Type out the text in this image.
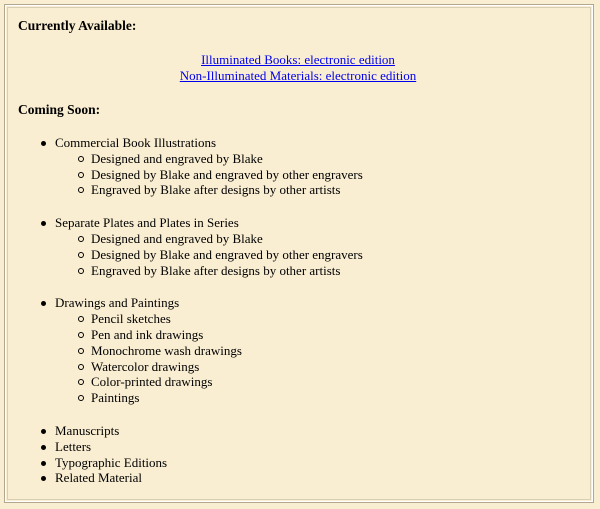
Currently Available:
Illuminated Books: electronic edition
Non-Illuminated Materials: electronic edition
Coming Soon:
Commercial Book Illustrations
Designed and engraved by Blake
Designed by Blake and engraved by other engravers
Engraved by Blake after designs by other artists
Separate Plates and Plates in Series
Designed and engraved by Blake
Designed by Blake and engraved by other engravers
Engraved by Blake after designs by other artists
Drawings and Paintings
Pencil sketches
Pen and ink drawings
Monochrome wash drawings
Watercolor drawings
Color-printed drawings
Paintings
Manuscripts
Letters
Typographic Editions
Related Material
